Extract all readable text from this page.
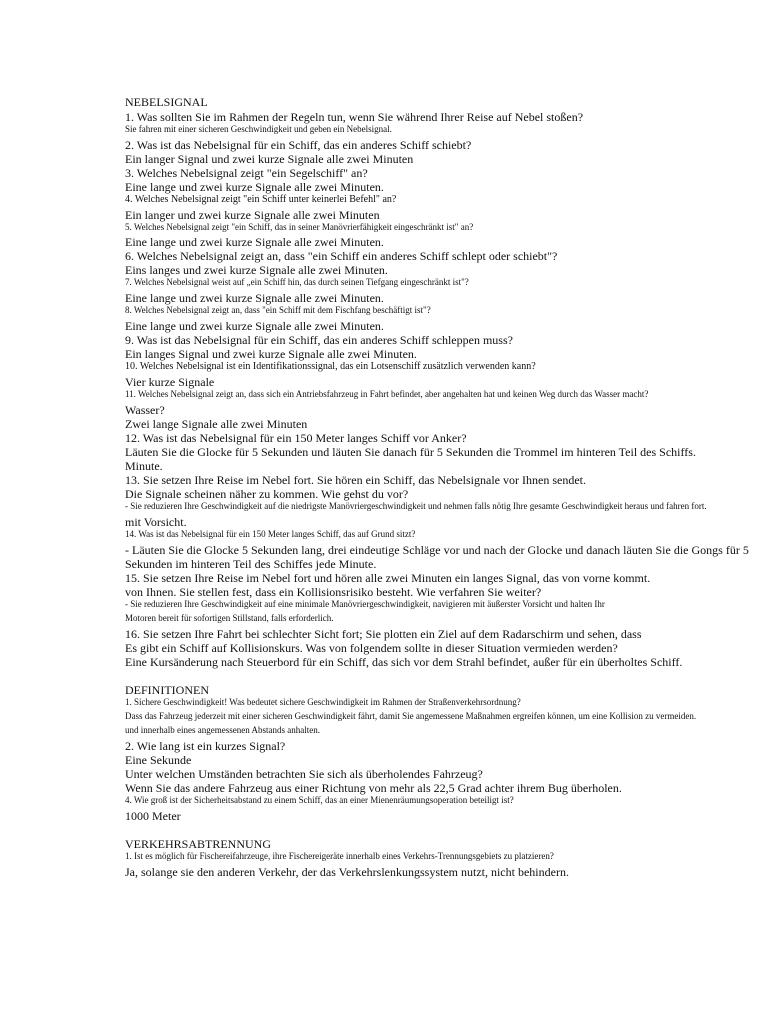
NEBELSIGNAL
1. Was sollten Sie im Rahmen der Regeln tun, wenn Sie während Ihrer Reise auf Nebel stoßen?
Sie fahren mit einer sicheren Geschwindigkeit und geben ein Nebelsignal.
2. Was ist das Nebelsignal für ein Schiff, das ein anderes Schiff schiebt?
Ein langer Signal und zwei kurze Signale alle zwei Minuten
3. Welches Nebelsignal zeigt "ein Segelschiff" an?
Eine lange und zwei kurze Signale alle zwei Minuten.
4. Welches Nebelsignal zeigt "ein Schiff unter keinerlei Befehl" an?
Ein langer und zwei kurze Signale alle zwei Minuten
5. Welches Nebelsignal zeigt "ein Schiff, das in seiner Manövrierfähigkeit eingeschränkt ist" an?
Eine lange und zwei kurze Signale alle zwei Minuten.
6. Welches Nebelsignal zeigt an, dass "ein Schiff ein anderes Schiff schlept oder schiebt"?
Eins langes und zwei kurze Signale alle zwei Minuten.
7. Welches Nebelsignal weist auf „ein Schiff hin, das durch seinen Tiefgang eingeschränkt ist"?
Eine lange und zwei kurze Signale alle zwei Minuten.
8. Welches Nebelsignal zeigt an, dass "ein Schiff mit dem Fischfang beschäftigt ist"?
Eine lange und zwei kurze Signale alle zwei Minuten.
9. Was ist das Nebelsignal für ein Schiff, das ein anderes Schiff schleppen muss?
Ein langes Signal und zwei kurze Signale alle zwei Minuten.
10. Welches Nebelsignal ist ein Identifikationssignal, das ein Lotsenschiff zusätzlich verwenden kann?
Vier kurze Signale
11. Welches Nebelsignal zeigt an, dass sich ein Antriebsfahrzeug in Fahrt befindet, aber angehalten hat und keinen Weg durch das Wasser macht?
Wasser?
Zwei lange Signale alle zwei Minuten
12. Was ist das Nebelsignal für ein 150 Meter langes Schiff vor Anker?
Läuten Sie die Glocke für 5 Sekunden und läuten Sie danach für 5 Sekunden die Trommel im hinteren Teil des Schiffs.
Minute.
13. Sie setzen Ihre Reise im Nebel fort. Sie hören ein Schiff, das Nebelsignale vor Ihnen sendet.
Die Signale scheinen näher zu kommen. Wie gehst du vor?
- Sie reduzieren Ihre Geschwindigkeit auf die niedrigste Manövriergeschwindigkeit und nehmen falls nötig Ihre gesamte Geschwindigkeit heraus und fahren fort.
mit Vorsicht.
14. Was ist das Nebelsignal für ein 150 Meter langes Schiff, das auf Grund sitzt?
- Läuten Sie die Glocke 5 Sekunden lang, drei eindeutige Schläge vor und nach der Glocke und danach läuten Sie die Gongs für 5
Sekunden im hinteren Teil des Schiffes jede Minute.
15. Sie setzen Ihre Reise im Nebel fort und hören alle zwei Minuten ein langes Signal, das von vorne kommt.
von Ihnen. Sie stellen fest, dass ein Kollisionsrisiko besteht. Wie verfahren Sie weiter?
- Sie reduzieren Ihre Geschwindigkeit auf eine minimale Manövriergeschwindigkeit, navigieren mit äußerster Vorsicht und halten Ihr
Motoren bereit für sofortigen Stillstand, falls erforderlich.
16. Sie setzen Ihre Fahrt bei schlechter Sicht fort; Sie plotten ein Ziel auf dem Radarschirm und sehen, dass
Es gibt ein Schiff auf Kollisionskurs. Was von folgendem sollte in dieser Situation vermieden werden?
Eine Kursänderung nach Steuerbord für ein Schiff, das sich vor dem Strahl befindet, außer für ein überholtes Schiff.
DEFINITIONEN
1. Sichere Geschwindigkeit! Was bedeutet sichere Geschwindigkeit im Rahmen der Straßenverkehrsordnung?
Dass das Fahrzeug jederzeit mit einer sicheren Geschwindigkeit fährt, damit Sie angemessene Maßnahmen ergreifen können, um eine Kollision zu vermeiden.
und innerhalb eines angemessenen Abstands anhalten.
2. Wie lang ist ein kurzes Signal?
Eine Sekunde
Unter welchen Umständen betrachten Sie sich als überholendes Fahrzeug?
Wenn Sie das andere Fahrzeug aus einer Richtung von mehr als 22,5 Grad achter ihrem Bug überholen.
4. Wie groß ist der Sicherheitsabstand zu einem Schiff, das an einer Mienenräumungsoperation beteiligt ist?
1000 Meter
VERKEHRSABTRENNUNG
1. Ist es möglich für Fischereifahrzeuge, ihre Fischereigeräte innerhalb eines Verkehrs-Trennungsgebiets zu platzieren?
Ja, solange sie den anderen Verkehr, der das Verkehrslenkungssystem nutzt, nicht behindern.
